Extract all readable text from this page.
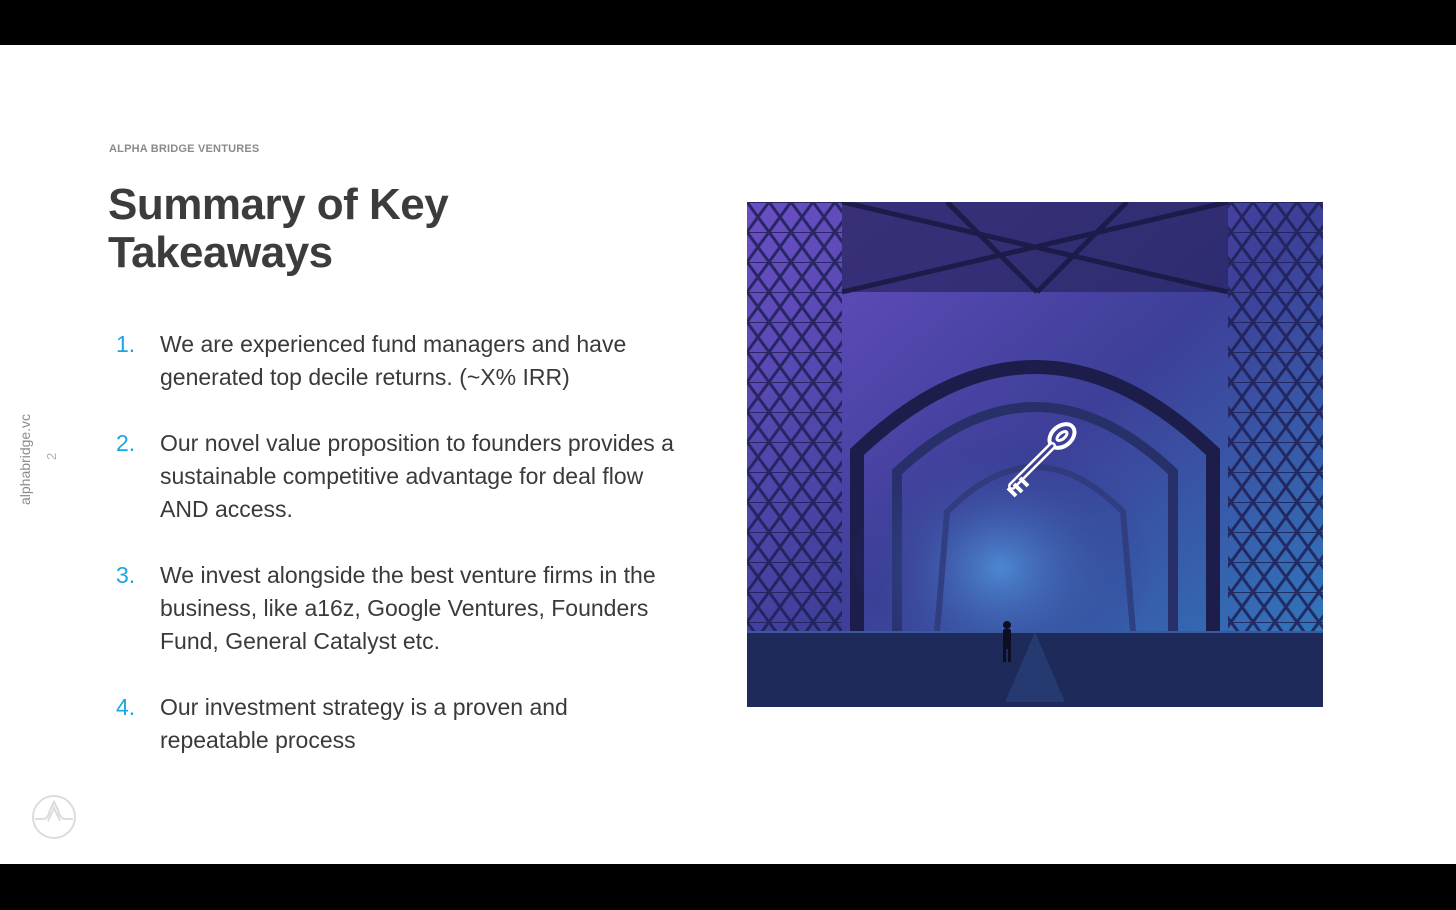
ALPHA BRIDGE VENTURES
Summary of Key Takeaways
alphabridge.vc 2
1.	We are experienced fund managers and have generated top decile returns. (~X% IRR)
2.	Our novel value proposition to founders provides a sustainable competitive advantage for deal flow AND access.
3.	We invest alongside the best venture firms in the business, like a16z, Google Ventures, Founders Fund, General Catalyst etc.
4.	Our investment strategy is a proven and repeatable process
